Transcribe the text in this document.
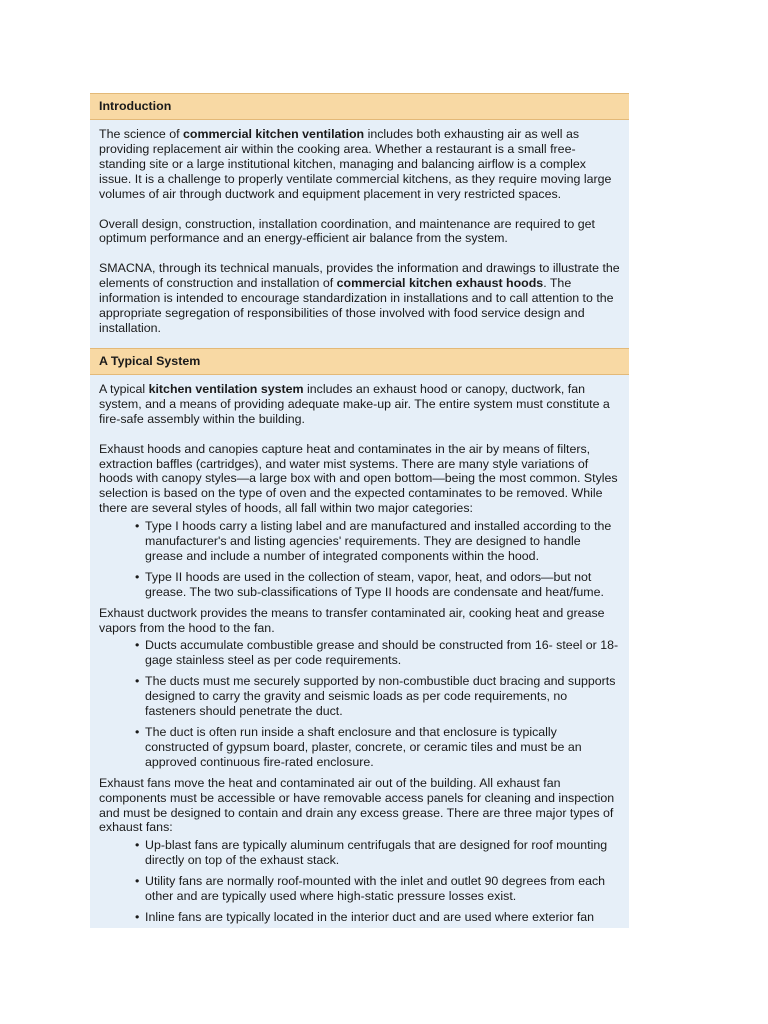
Introduction

The science of commercial kitchen ventilation includes both exhausting air as well as providing replacement air within the cooking area. Whether a restaurant is a small free-standing site or a large institutional kitchen, managing and balancing airflow is a complex issue. It is a challenge to properly ventilate commercial kitchens, as they require moving large volumes of air through ductwork and equipment placement in very restricted spaces.

Overall design, construction, installation coordination, and maintenance are required to get optimum performance and an energy-efficient air balance from the system.

SMACNA, through its technical manuals, provides the information and drawings to illustrate the elements of construction and installation of commercial kitchen exhaust hoods. The information is intended to encourage standardization in installations and to call attention to the appropriate segregation of responsibilities of those involved with food service design and installation.

A Typical System

A typical kitchen ventilation system includes an exhaust hood or canopy, ductwork, fan system, and a means of providing adequate make-up air. The entire system must constitute a fire-safe assembly within the building.

Exhaust hoods and canopies capture heat and contaminates in the air by means of filters, extraction baffles (cartridges), and water mist systems. There are many style variations of hoods with canopy styles—a large box with and open bottom—being the most common. Styles selection is based on the type of oven and the expected contaminates to be removed. While there are several styles of hoods, all fall within two major categories:

• Type I hoods carry a listing label and are manufactured and installed according to the manufacturer's and listing agencies' requirements. They are designed to handle grease and include a number of integrated components within the hood.
• Type II hoods are used in the collection of steam, vapor, heat, and odors—but not grease. The two sub-classifications of Type II hoods are condensate and heat/fume.

Exhaust ductwork provides the means to transfer contaminated air, cooking heat and grease vapors from the hood to the fan.

• Ducts accumulate combustible grease and should be constructed from 16- steel or 18-gage stainless steel as per code requirements.
• The ducts must me securely supported by non-combustible duct bracing and supports designed to carry the gravity and seismic loads as per code requirements, no fasteners should penetrate the duct.
• The duct is often run inside a shaft enclosure and that enclosure is typically constructed of gypsum board, plaster, concrete, or ceramic tiles and must be an approved continuous fire-rated enclosure.

Exhaust fans move the heat and contaminated air out of the building. All exhaust fan components must be accessible or have removable access panels for cleaning and inspection and must be designed to contain and drain any excess grease. There are three major types of exhaust fans:

• Up-blast fans are typically aluminum centrifugals that are designed for roof mounting directly on top of the exhaust stack.
• Utility fans are normally roof-mounted with the inlet and outlet 90 degrees from each other and are typically used where high-static pressure losses exist.
• Inline fans are typically located in the interior duct and are used where exterior fan
